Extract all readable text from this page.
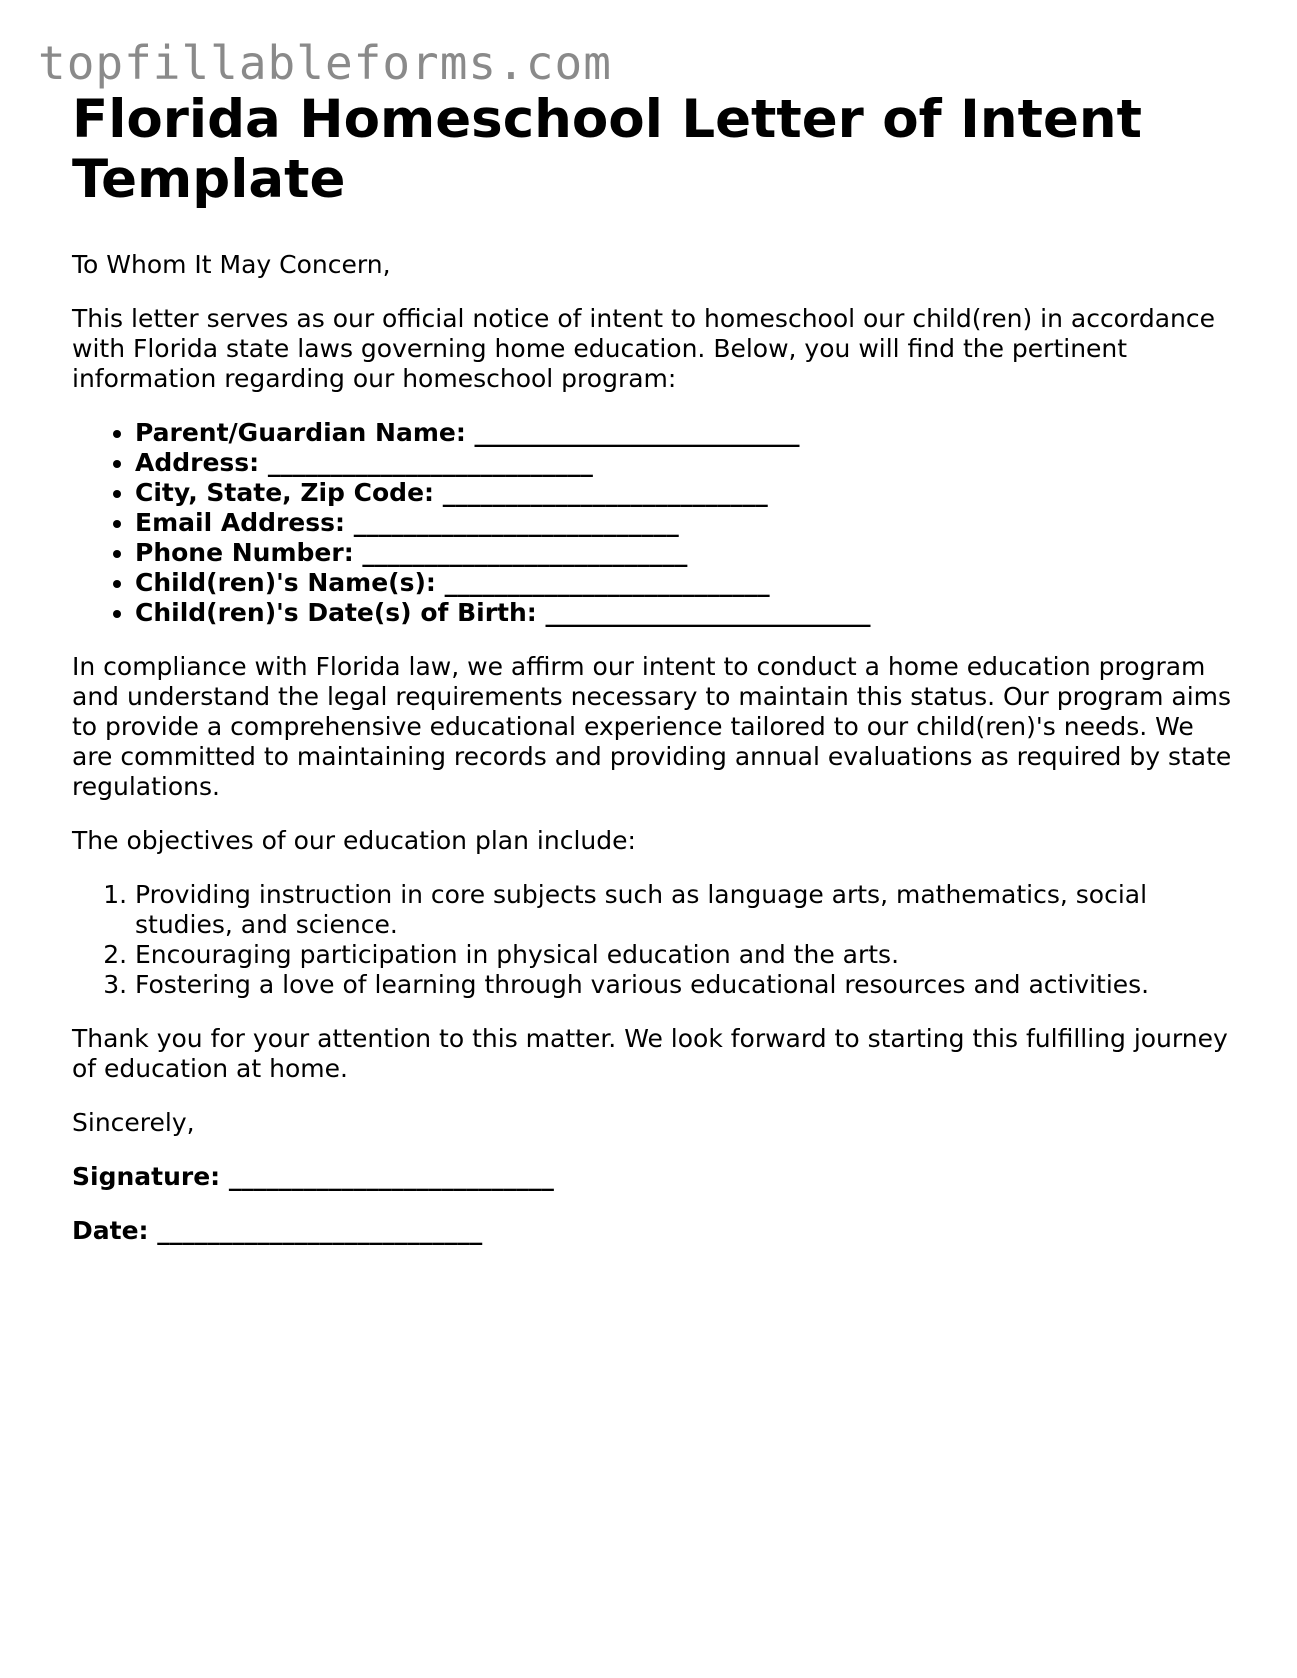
topfillableforms.com
Florida Homeschool Letter of Intent Template

To Whom It May Concern,

This letter serves as our official notice of intent to homeschool our child(ren) in accordance with Florida state laws governing home education. Below, you will find the pertinent information regarding our homeschool program:

• Parent/Guardian Name: __________________________
• Address: __________________________
• City, State, Zip Code: __________________________
• Email Address: __________________________
• Phone Number: __________________________
• Child(ren)'s Name(s): __________________________
• Child(ren)'s Date(s) of Birth: __________________________

In compliance with Florida law, we affirm our intent to conduct a home education program and understand the legal requirements necessary to maintain this status. Our program aims to provide a comprehensive educational experience tailored to our child(ren)'s needs. We are committed to maintaining records and providing annual evaluations as required by state regulations.

The objectives of our education plan include:

1. Providing instruction in core subjects such as language arts, mathematics, social studies, and science.
2. Encouraging participation in physical education and the arts.
3. Fostering a love of learning through various educational resources and activities.

Thank you for your attention to this matter. We look forward to starting this fulfilling journey of education at home.

Sincerely,

Signature: __________________________

Date: __________________________
